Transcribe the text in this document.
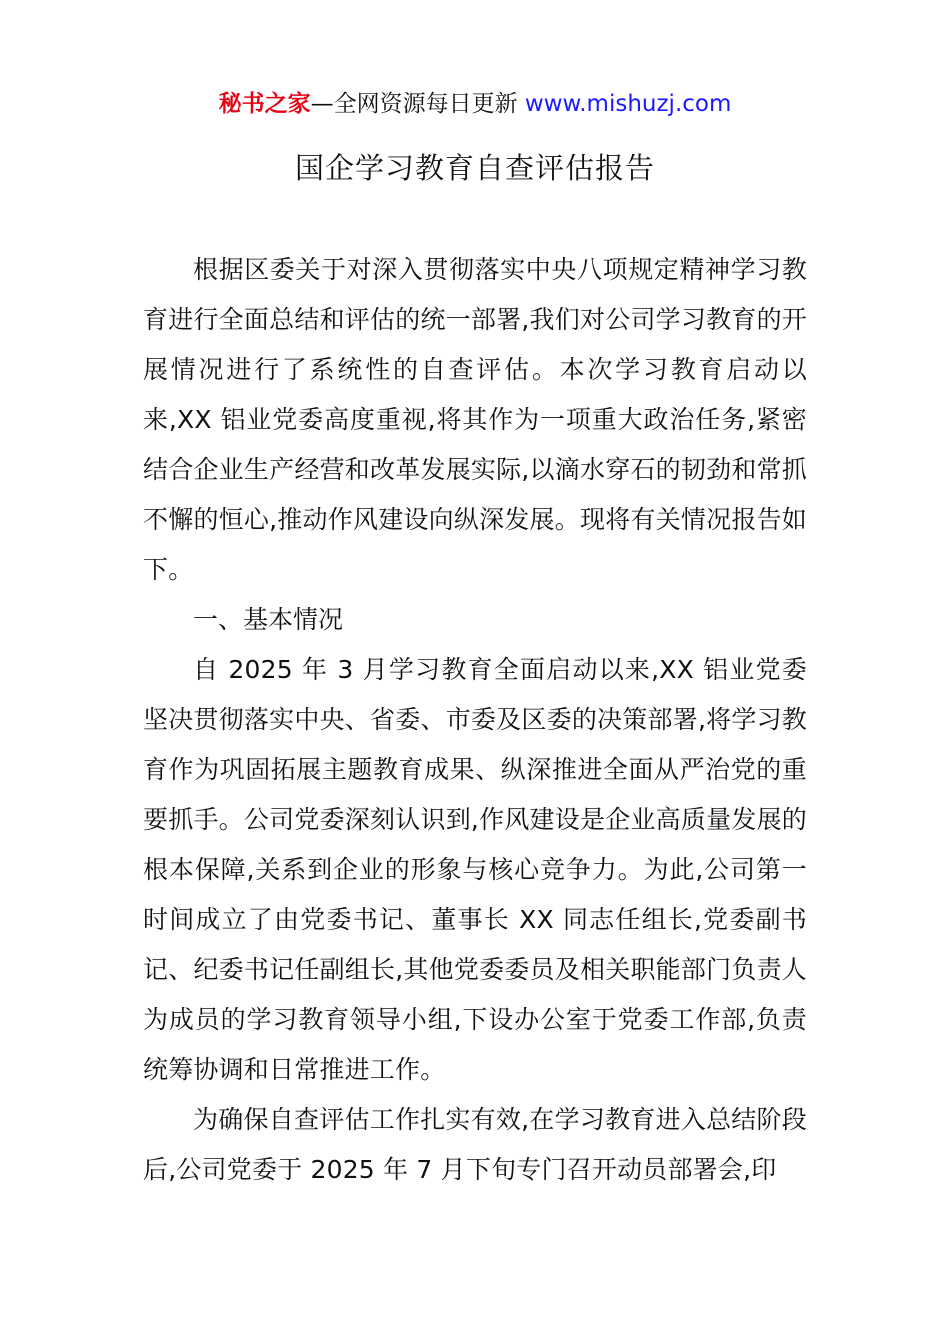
秘书之家—全网资源每日更新 www.mishuzj.com
国企学习教育自查评估报告

根据区委关于对深入贯彻落实中央八项规定精神学习教育进行全面总结和评估的统一部署,我们对公司学习教育的开展情况进行了系统性的自查评估。本次学习教育启动以来,XX 铝业党委高度重视,将其作为一项重大政治任务,紧密结合企业生产经营和改革发展实际,以滴水穿石的韧劲和常抓不懈的恒心,推动作风建设向纵深发展。现将有关情况报告如下。

一、基本情况

自 2025 年 3 月学习教育全面启动以来,XX 铝业党委坚决贯彻落实中央、省委、市委及区委的决策部署,将学习教育作为巩固拓展主题教育成果、纵深推进全面从严治党的重要抓手。公司党委深刻认识到,作风建设是企业高质量发展的根本保障,关系到企业的形象与核心竞争力。为此,公司第一时间成立了由党委书记、董事长 XX 同志任组长,党委副书记、纪委书记任副组长,其他党委委员及相关职能部门负责人为成员的学习教育领导小组,下设办公室于党委工作部,负责统筹协调和日常推进工作。

为确保自查评估工作扎实有效,在学习教育进入总结阶段后,公司党委于 2025 年 7 月下旬专门召开动员部署会,印
